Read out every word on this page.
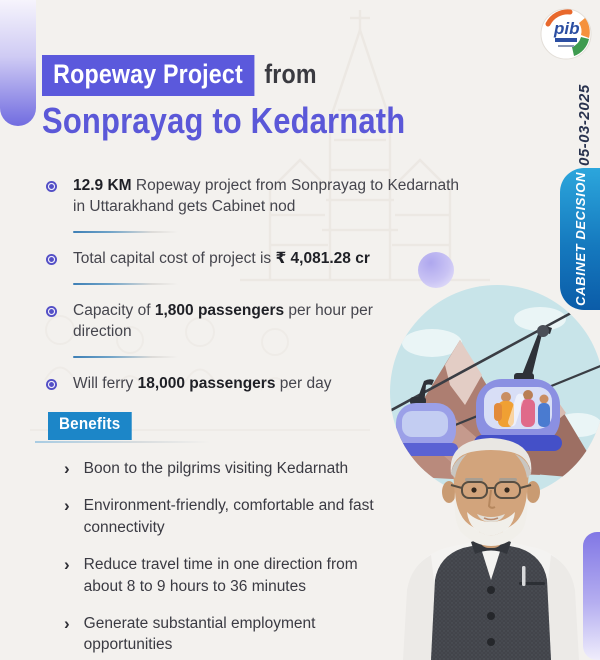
Ropeway Project from
Sonprayag to Kedarnath
pib
05-03-2025
CABINET DECISION
12.9 KM Ropeway project from Sonprayag to Kedarnath in Uttarakhand gets Cabinet nod
Total capital cost of project is ₹ 4,081.28 cr
Capacity of 1,800 passengers per hour per direction
Will ferry 18,000 passengers per day
Benefits
› Boon to the pilgrims visiting Kedarnath
› Environment-friendly, comfortable and fast connectivity
› Reduce travel time in one direction from about 8 to 9 hours to 36 minutes
› Generate substantial employment opportunities
